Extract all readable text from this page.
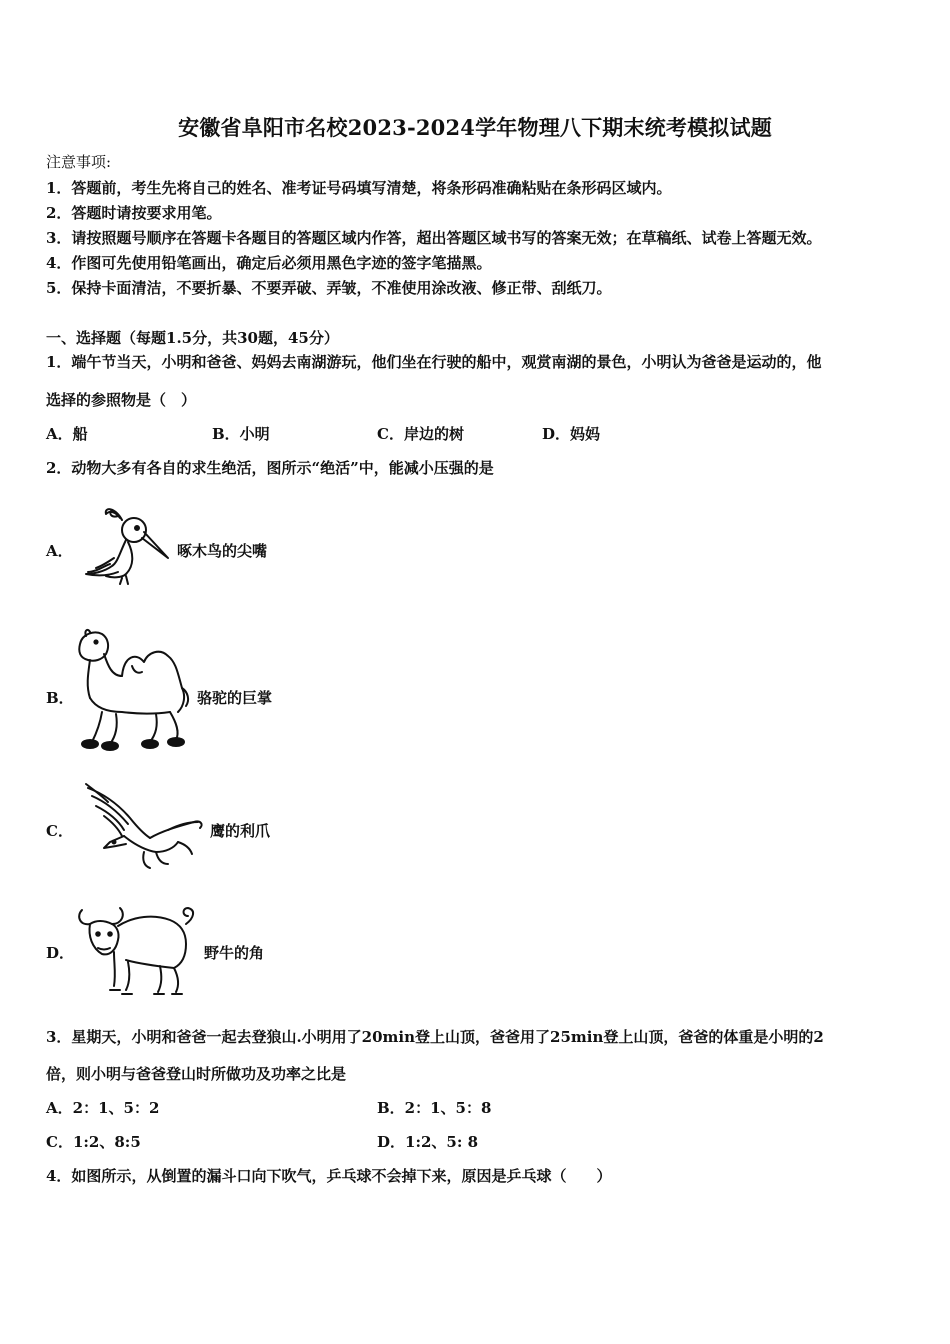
安徽省阜阳市名校2023-2024学年物理八下期末统考模拟试题
注意事项:
1．答题前，考生先将自己的姓名、准考证号码填写清楚，将条形码准确粘贴在条形码区域内。
2．答题时请按要求用笔。
3．请按照题号顺序在答题卡各题目的答题区域内作答，超出答题区域书写的答案无效；在草稿纸、试卷上答题无效。
4．作图可先使用铅笔画出，确定后必须用黑色字迹的签字笔描黑。
5．保持卡面清洁，不要折暴、不要弄破、弄皱，不准使用涂改液、修正带、刮纸刀。
一、选择题（每题1.5分，共30题，45分）
1．端午节当天，小明和爸爸、妈妈去南湖游玩，他们坐在行驶的船中，观赏南湖的景色，小明认为爸爸是运动的，他
选择的参照物是（　）
A．船	B．小明	C．岸边的树	D．妈妈
2．动物大多有各自的求生绝活，图所示“绝活”中，能减小压强的是
A．	啄木鸟的尖嘴
B．	骆驼的巨掌
C．	鹰的利爪
D．	野牛的角
3．星期天，小明和爸爸一起去登狼山.小明用了20min登上山顶，爸爸用了25min登上山顶，爸爸的体重是小明的2
倍，则小明与爸爸登山时所做功及功率之比是
A．2：1、5：2	B．2：1、5：8
C．1:2、8:5	D．1:2、5: 8
4．如图所示，从倒置的漏斗口向下吹气，乒乓球不会掉下来，原因是乒乓球（　　）
